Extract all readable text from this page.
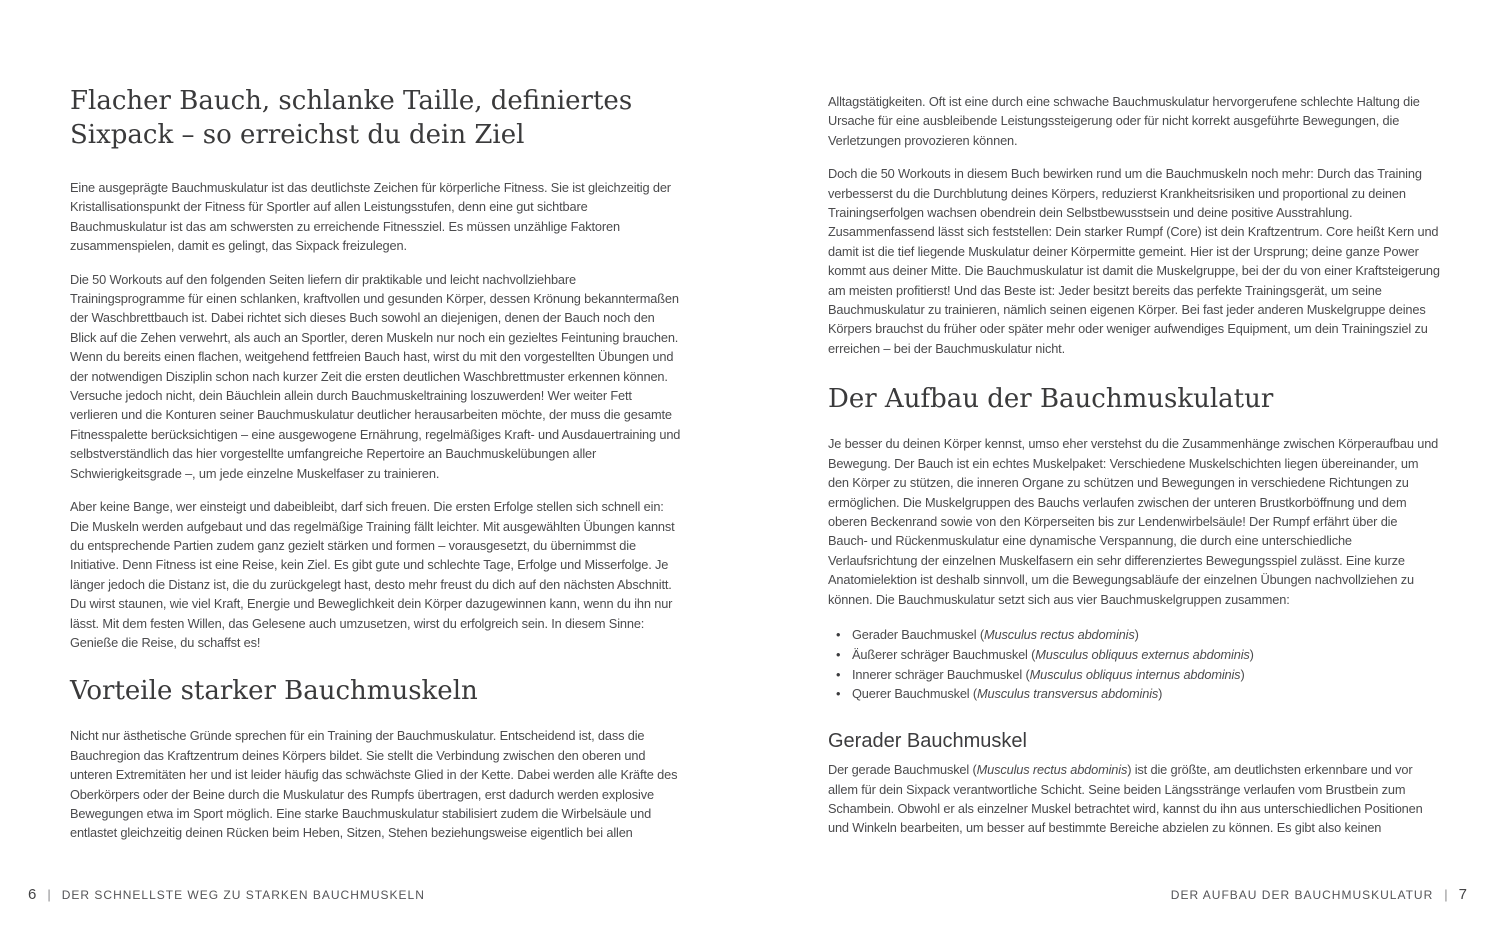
Flacher Bauch, schlanke Taille, definiertes Sixpack – so erreichst du dein Ziel

Eine ausgeprägte Bauchmuskulatur ist das deutlichste Zeichen für körperliche Fitness. Sie ist gleichzeitig der Kristallisationspunkt der Fitness für Sportler auf allen Leistungsstufen, denn eine gut sichtbare Bauchmuskulatur ist das am schwersten zu erreichende Fitnessziel. Es müssen unzählige Faktoren zusammenspielen, damit es gelingt, das Sixpack freizulegen.

Die 50 Workouts auf den folgenden Seiten liefern dir praktikable und leicht nachvollziehbare Trainingsprogramme für einen schlanken, kraftvollen und gesunden Körper, dessen Krönung bekanntermaßen der Waschbrettbauch ist. Dabei richtet sich dieses Buch sowohl an diejenigen, denen der Bauch noch den Blick auf die Zehen verwehrt, als auch an Sportler, deren Muskeln nur noch ein gezieltes Feintuning brauchen. Wenn du bereits einen flachen, weitgehend fettfreien Bauch hast, wirst du mit den vorgestellten Übungen und der notwendigen Disziplin schon nach kurzer Zeit die ersten deutlichen Waschbrettmuster erkennen können. Versuche jedoch nicht, dein Bäuchlein allein durch Bauchmuskeltraining loszuwerden! Wer weiter Fett verlieren und die Konturen seiner Bauchmuskulatur deutlicher herausarbeiten möchte, der muss die gesamte Fitnesspalette berücksichtigen – eine ausgewogene Ernährung, regelmäßiges Kraft- und Ausdauertraining und selbstverständlich das hier vorgestellte umfangreiche Repertoire an Bauchmuskelübungen aller Schwierigkeitsgrade –, um jede einzelne Muskelfaser zu trainieren.

Aber keine Bange, wer einsteigt und dabeibleibt, darf sich freuen. Die ersten Erfolge stellen sich schnell ein: Die Muskeln werden aufgebaut und das regelmäßige Training fällt leichter. Mit ausgewählten Übungen kannst du entsprechende Partien zudem ganz gezielt stärken und formen – vorausgesetzt, du übernimmst die Initiative. Denn Fitness ist eine Reise, kein Ziel. Es gibt gute und schlechte Tage, Erfolge und Misserfolge. Je länger jedoch die Distanz ist, die du zurückgelegt hast, desto mehr freust du dich auf den nächsten Abschnitt. Du wirst staunen, wie viel Kraft, Energie und Beweglichkeit dein Körper dazugewinnen kann, wenn du ihn nur lässt. Mit dem festen Willen, das Gelesene auch umzusetzen, wirst du erfolgreich sein. In diesem Sinne: Genieße die Reise, du schaffst es!

Vorteile starker Bauchmuskeln

Nicht nur ästhetische Gründe sprechen für ein Training der Bauchmuskulatur. Entscheidend ist, dass die Bauchregion das Kraftzentrum deines Körpers bildet. Sie stellt die Verbindung zwischen den oberen und unteren Extremitäten her und ist leider häufig das schwächste Glied in der Kette. Dabei werden alle Kräfte des Oberkörpers oder der Beine durch die Muskulatur des Rumpfs übertragen, erst dadurch werden explosive Bewegungen etwa im Sport möglich. Eine starke Bauchmuskulatur stabilisiert zudem die Wirbelsäule und entlastet gleichzeitig deinen Rücken beim Heben, Sitzen, Stehen beziehungsweise eigentlich bei allen

Alltagstätigkeiten. Oft ist eine durch eine schwache Bauchmuskulatur hervorgerufene schlechte Haltung die Ursache für eine ausbleibende Leistungssteigerung oder für nicht korrekt ausgeführte Bewegungen, die Verletzungen provozieren können.

Doch die 50 Workouts in diesem Buch bewirken rund um die Bauchmuskeln noch mehr: Durch das Training verbesserst du die Durchblutung deines Körpers, reduzierst Krankheitsrisiken und proportional zu deinen Trainingserfolgen wachsen obendrein dein Selbstbewusstsein und deine positive Ausstrahlung. Zusammenfassend lässt sich feststellen: Dein starker Rumpf (Core) ist dein Kraftzentrum. Core heißt Kern und damit ist die tief liegende Muskulatur deiner Körpermitte gemeint. Hier ist der Ursprung; deine ganze Power kommt aus deiner Mitte. Die Bauchmuskulatur ist damit die Muskelgruppe, bei der du von einer Kraftsteigerung am meisten profitierst! Und das Beste ist: Jeder besitzt bereits das perfekte Trainingsgerät, um seine Bauchmuskulatur zu trainieren, nämlich seinen eigenen Körper. Bei fast jeder anderen Muskelgruppe deines Körpers brauchst du früher oder später mehr oder weniger aufwendiges Equipment, um dein Trainingsziel zu erreichen – bei der Bauchmuskulatur nicht.

Der Aufbau der Bauchmuskulatur

Je besser du deinen Körper kennst, umso eher verstehst du die Zusammenhänge zwischen Körperaufbau und Bewegung. Der Bauch ist ein echtes Muskelpaket: Verschiedene Muskelschichten liegen übereinander, um den Körper zu stützen, die inneren Organe zu schützen und Bewegungen in verschiedene Richtungen zu ermöglichen. Die Muskelgruppen des Bauchs verlaufen zwischen der unteren Brustkorböffnung und dem oberen Beckenrand sowie von den Körperseiten bis zur Lendenwirbelsäule! Der Rumpf erfährt über die Bauch- und Rückenmuskulatur eine dynamische Verspannung, die durch eine unterschiedliche Verlaufsrichtung der einzelnen Muskelfasern ein sehr differenziertes Bewegungsspiel zulässt. Eine kurze Anatomielektion ist deshalb sinnvoll, um die Bewegungsabläufe der einzelnen Übungen nachvollziehen zu können. Die Bauchmuskulatur setzt sich aus vier Bauchmuskelgruppen zusammen:

• Gerader Bauchmuskel (Musculus rectus abdominis)
• Äußerer schräger Bauchmuskel (Musculus obliquus externus abdominis)
• Innerer schräger Bauchmuskel (Musculus obliquus internus abdominis)
• Querer Bauchmuskel (Musculus transversus abdominis)
Gerader Bauchmuskel

Der gerade Bauchmuskel (Musculus rectus abdominis) ist die größte, am deutlichsten erkennbare und vor allem für dein Sixpack verantwortliche Schicht. Seine beiden Längsstränge verlaufen vom Brustbein zum Schambein. Obwohl er als einzelner Muskel betrachtet wird, kannst du ihn aus unterschiedlichen Positionen und Winkeln bearbeiten, um besser auf bestimmte Bereiche abzielen zu können. Es gibt also keinen

6 | DER SCHNELLSTE WEG ZU STARKEN BAUCHMUSKELN	DER AUFBAU DER BAUCHMUSKULATUR | 7
